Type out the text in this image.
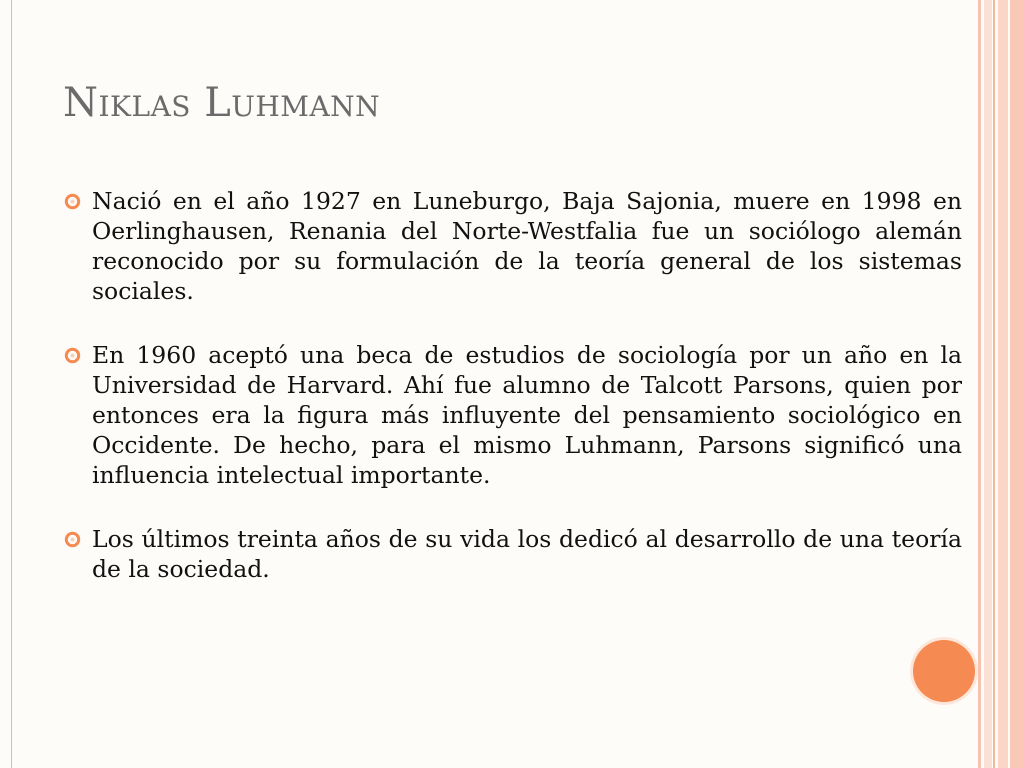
Niklas Luhmann
Nació en el año 1927 en Luneburgo, Baja Sajonia, muere en 1998 en Oerlinghausen, Renania del Norte-Westfalia fue un sociólogo alemán reconocido por su formulación de la teoría general de los sistemas sociales.
En 1960 aceptó una beca de estudios de sociología por un año en la Universidad de Harvard. Ahí fue alumno de Talcott Parsons, quien por entonces era la figura más influyente del pensamiento sociológico en Occidente. De hecho, para el mismo Luhmann, Parsons significó una influencia intelectual importante.
Los últimos treinta años de su vida los dedicó al desarrollo de una teoría de la sociedad.
